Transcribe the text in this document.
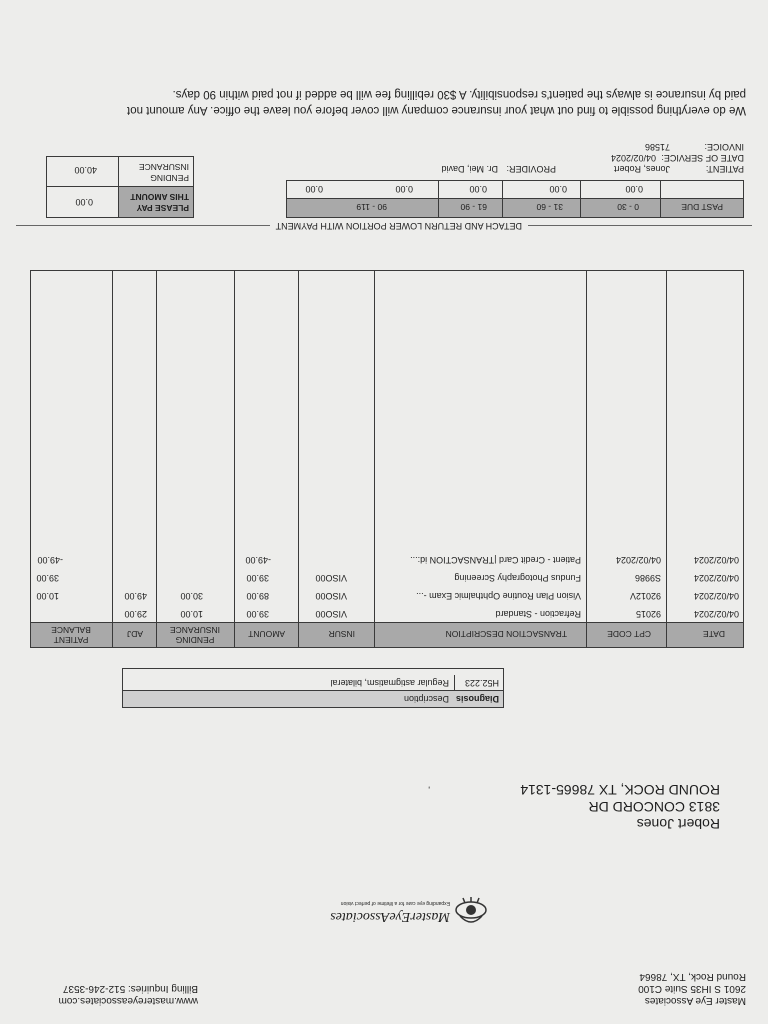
Master Eye Associates
2601 S IH35 Suite C100
Round Rock, TX, 78664
MasterEyeAssociates
Expanding eye care for a lifetime of perfect vision
www.mastereyeassociates.com
Billing Inquiries: 512-246-3537
Robert Jones
3813 CONCORD DR
ROUND ROCK, TX 78665-1314
'
Diagnosis
Description
H52.223
Regular astigmatism, bilateral
DATE
CPT CODE
TRANSACTION DESCRIPTION
INSUR
AMOUNT
PENDING INSURANCE
ADJ
PATIENT BALANCE
04/02/2024
92015
Refraction - Standard
VISO00
39.00
10.00
29.00
04/02/2024
92012V
Vision Plan Routine Ophthalmic Exam -...
VISO00
89.00
30.00
49.00
10.00
04/02/2024
S9986
Fundus Photography Screening
VISO00
39.00
39.00
04/02/2024
04/02/2024
Patient - Credit Card |TRANSACTION id:...
-49.00
-49.00
DETACH AND RETURN LOWER PORTION WITH PAYMENT
PAST DUE
0 - 30
31 - 60
61 - 90
90 - 119
0.00
0.00
0.00
0.00
0.00
PLEASE PAY THIS AMOUNT
0.00
PENDING INSURANCE
40.00	PATIENT:
Jones, Robert
PROVIDER:
Dr. Mei, David
DATE OF SERVICE:
04/02/2024
INVOICE:
71586
We do everything possible to find out what your insurance company will cover before you leave the office. Any amount not
paid by insurance is always the patient's responsibility. A $30 rebilling fee will be added if not paid within 90 days.
